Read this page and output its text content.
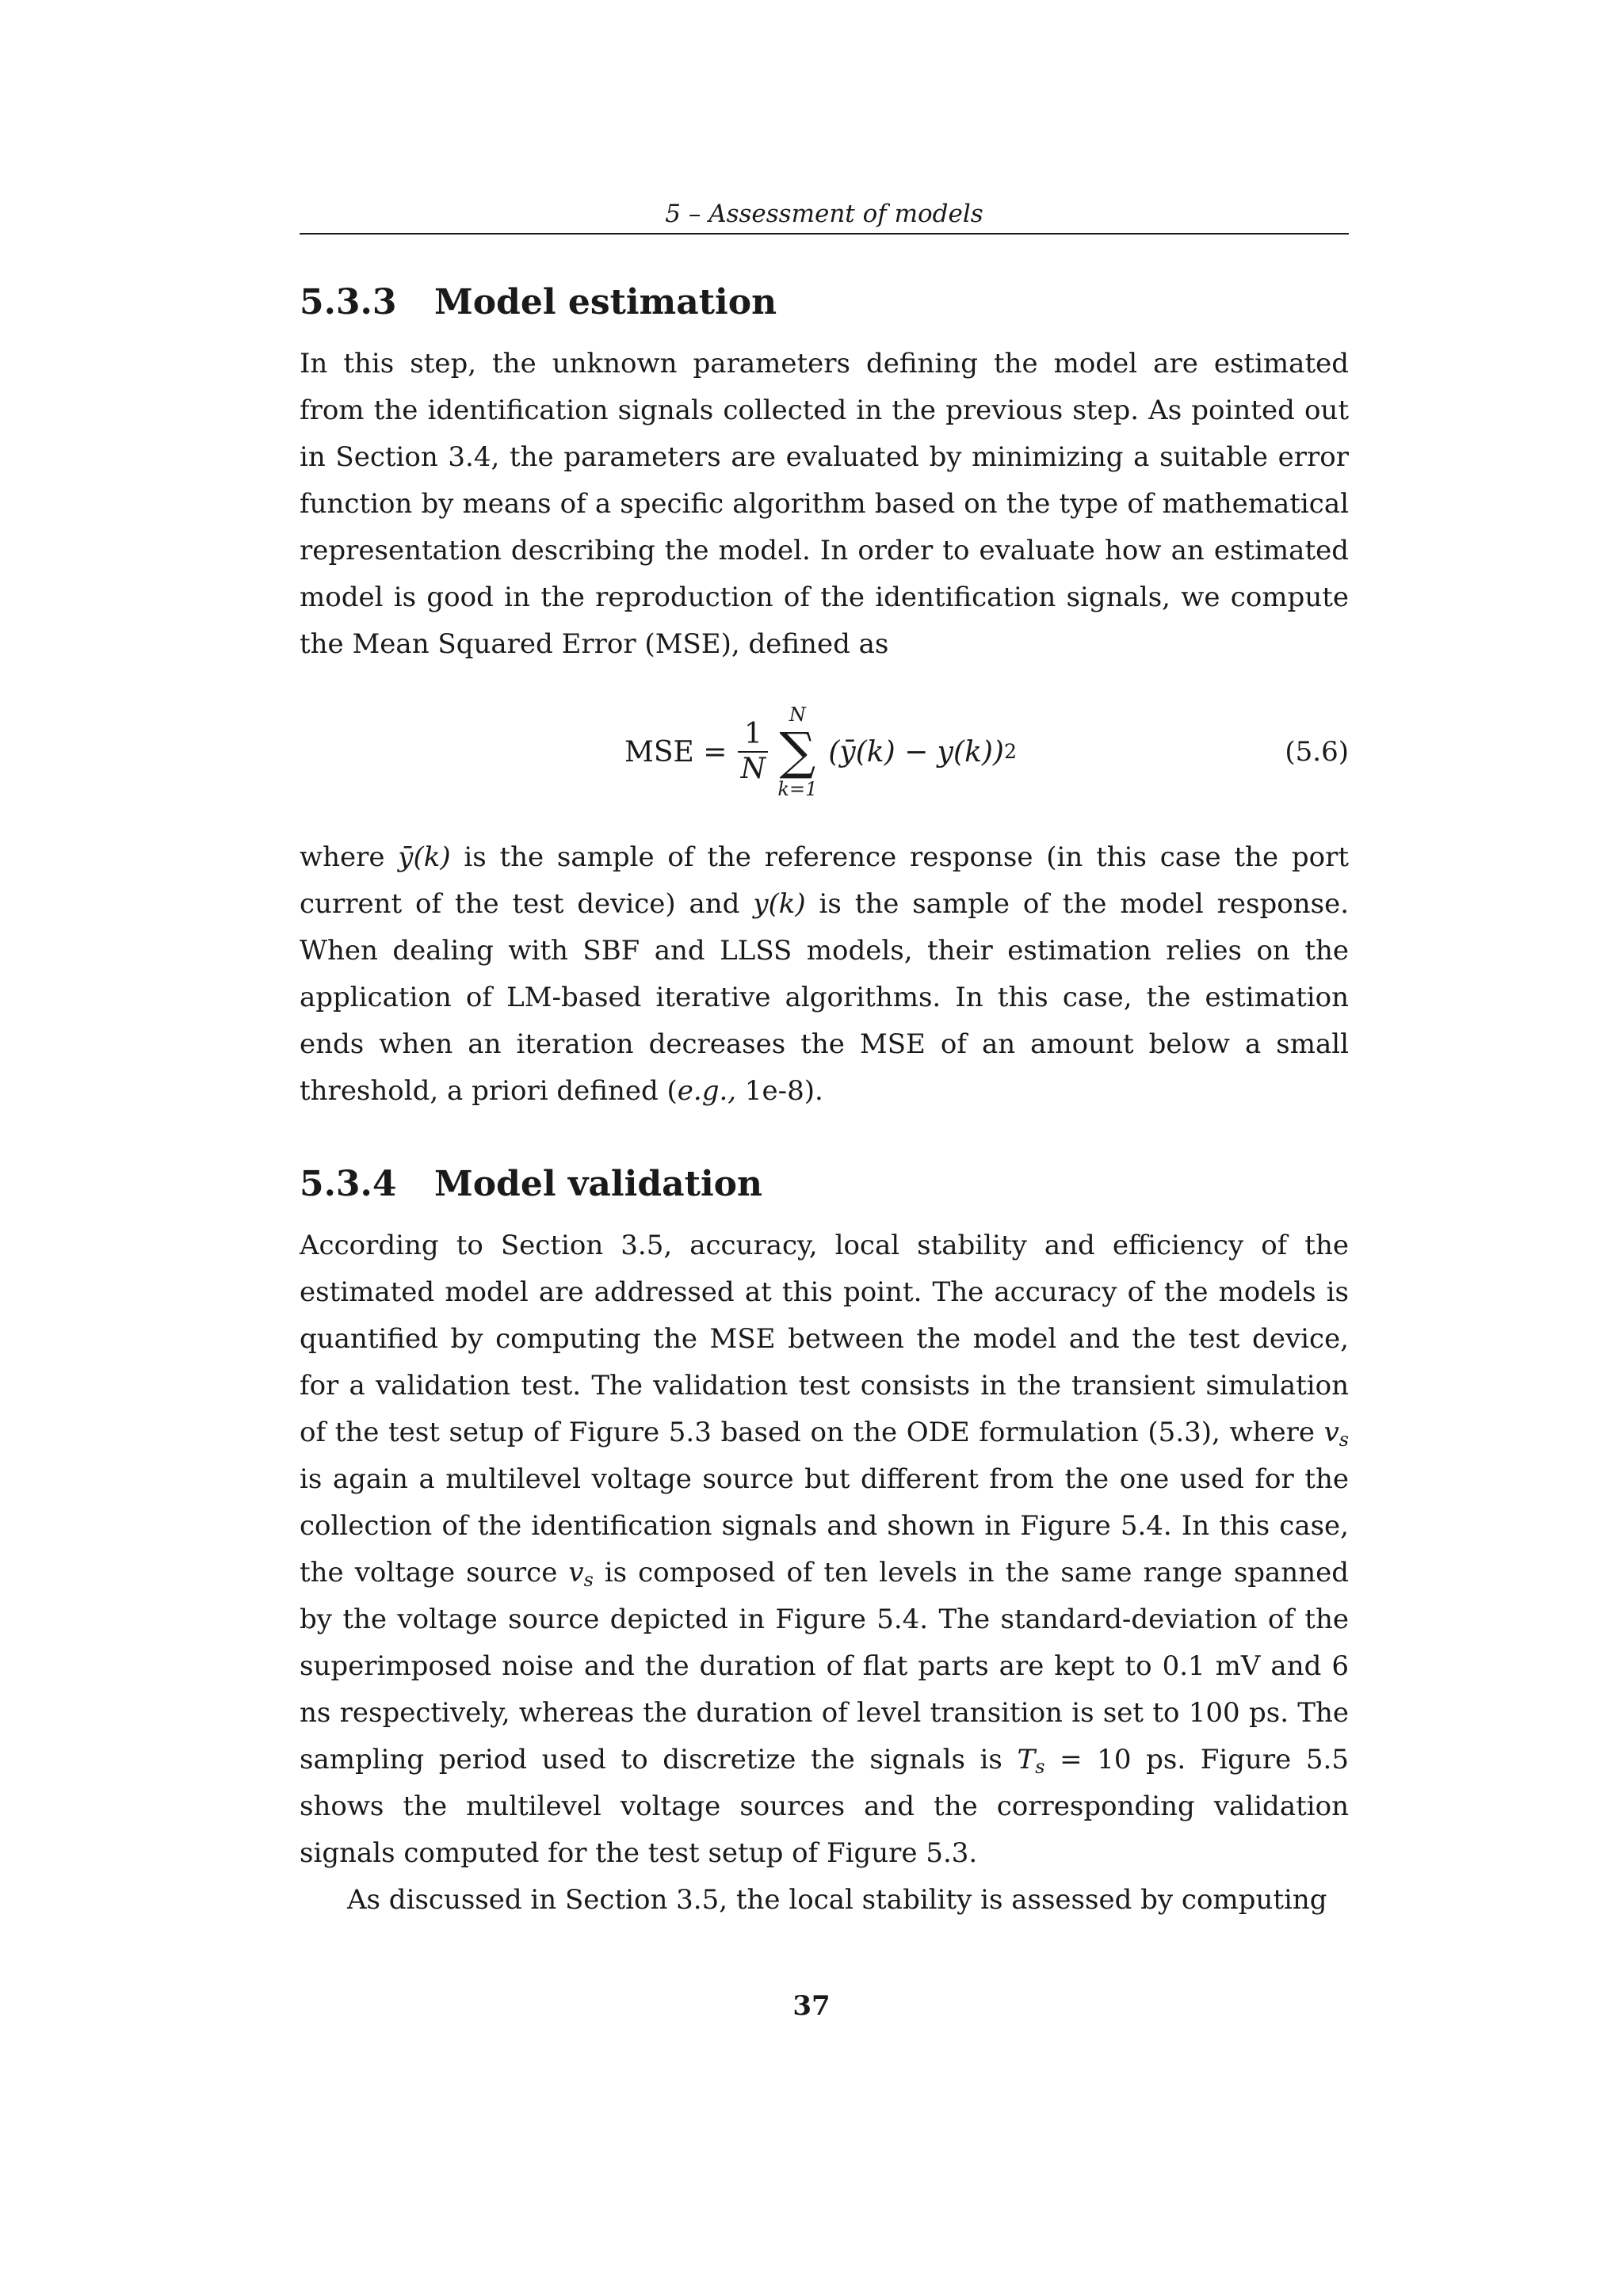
5 – Assessment of models
5.3.3 Model estimation

In this step, the unknown parameters defining the model are estimated from the identification signals collected in the previous step. As pointed out in Section 3.4, the parameters are evaluated by minimizing a suitable error function by means of a specific algorithm based on the type of mathematical representation describing the model. In order to evaluate how an estimated model is good in the reproduction of the identification signals, we compute the Mean Squared Error (MSE), defined as

MSE = $\frac{1}{N}$
N
∑
k=1
(ȳ(k) − y(k)) 2	(5.6)

where ȳ(k) is the sample of the reference response (in this case the port current of the test device) and y(k) is the sample of the model response. When dealing with SBF and LLSS models, their estimation relies on the application of LM-based iterative algorithms. In this case, the estimation ends when an iteration decreases the MSE of an amount below a small threshold, a priori defined (e.g., 1e-8).

5.3.4 Model validation

According to Section 3.5, accuracy, local stability and efficiency of the estimated model are addressed at this point. The accuracy of the models is quantified by computing the MSE between the model and the test device, for a validation test. The validation test consists in the transient simulation of the test setup of Figure 5.3 based on the ODE formulation (5.3), where $v_s$ is again a multilevel voltage source but different from the one used for the collection of the identification signals and shown in Figure 5.4. In this case, the voltage source $v_s$ is composed of ten levels in the same range spanned by the voltage source depicted in Figure 5.4. The standard-deviation of the superimposed noise and the duration of flat parts are kept to 0.1 mV and 6 ns respectively, whereas the duration of level transition is set to 100 ps. The sampling period used to discretize the signals is $T_s = 10$ ps. Figure 5.5 shows the multilevel voltage sources and the corresponding validation signals computed for the test setup of Figure 5.3.

As discussed in Section 3.5, the local stability is assessed by computing

37
